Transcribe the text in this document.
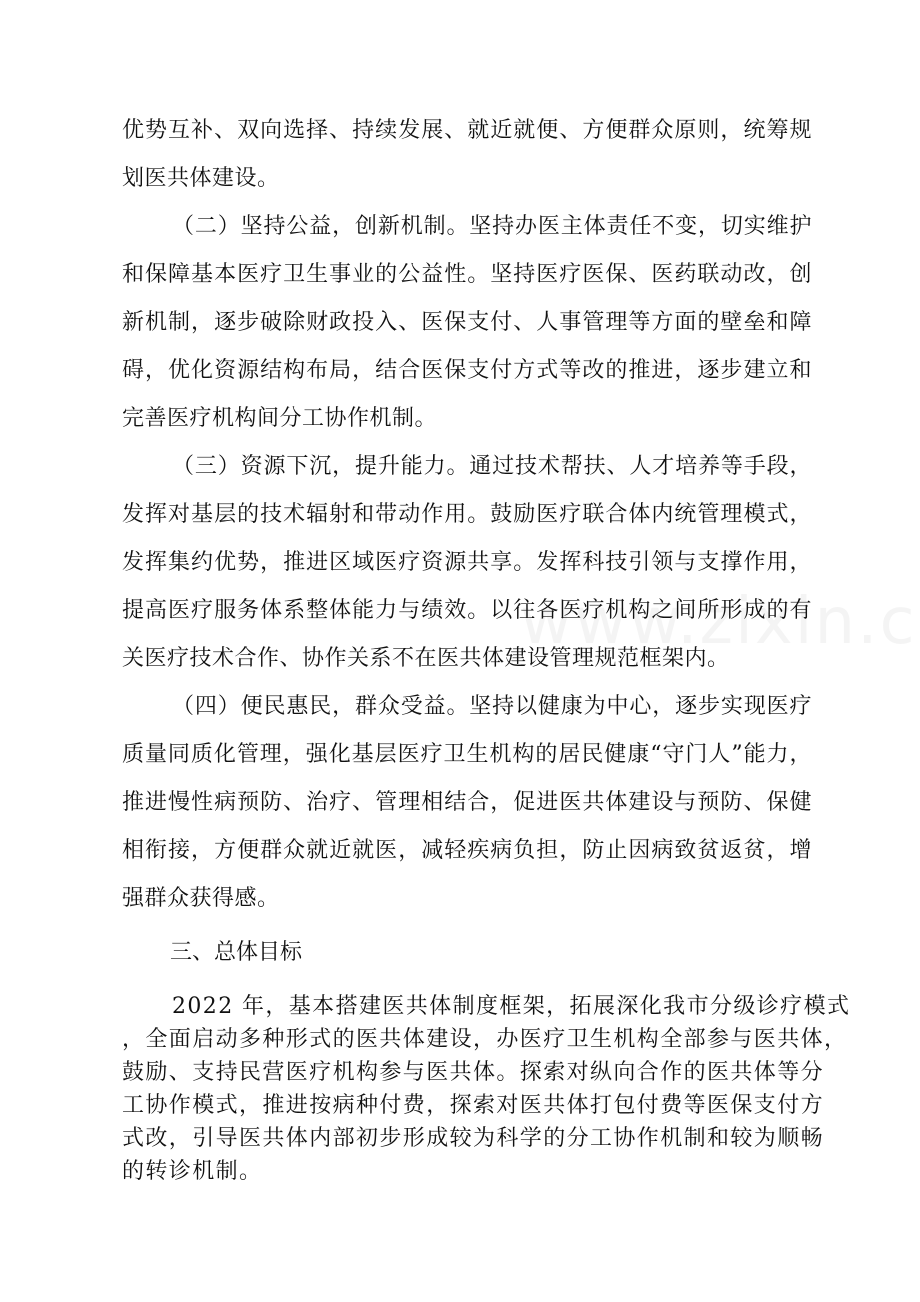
优势互补、双向选择、持续发展、就近就便、方便群众原则，统筹规
划医共体建设。
（二）坚持公益，创新机制。坚持办医主体责任不变，切实维护
和保障基本医疗卫生事业的公益性。坚持医疗医保、医药联动改，创
新机制，逐步破除财政投入、医保支付、人事管理等方面的壁垒和障
碍，优化资源结构布局，结合医保支付方式等改的推进，逐步建立和
完善医疗机构间分工协作机制。
（三）资源下沉，提升能力。通过技术帮扶、人才培养等手段，
发挥对基层的技术辐射和带动作用。鼓励医疗联合体内统管理模式，
发挥集约优势，推进区域医疗资源共享。发挥科技引领与支撑作用，
提高医疗服务体系整体能力与绩效。以往各医疗机构之间所形成的有
关医疗技术合作、协作关系不在医共体建设管理规范框架内。
（四）便民惠民，群众受益。坚持以健康为中心，逐步实现医疗
质量同质化管理，强化基层医疗卫生机构的居民健康“守门人”能力，
推进慢性病预防、治疗、管理相结合，促进医共体建设与预防、保健
相衔接，方便群众就近就医，减轻疾病负担，防止因病致贫返贫，增
强群众获得感。
三、总体目标
2022 年，基本搭建医共体制度框架，拓展深化我市分级诊疗模式
，全面启动多种形式的医共体建设，办医疗卫生机构全部参与医共体，
鼓励、支持民营医疗机构参与医共体。探索对纵向合作的医共体等分
工协作模式，推进按病种付费，探索对医共体打包付费等医保支付方
式改，引导医共体内部初步形成较为科学的分工协作机制和较为顺畅
的转诊机制。
